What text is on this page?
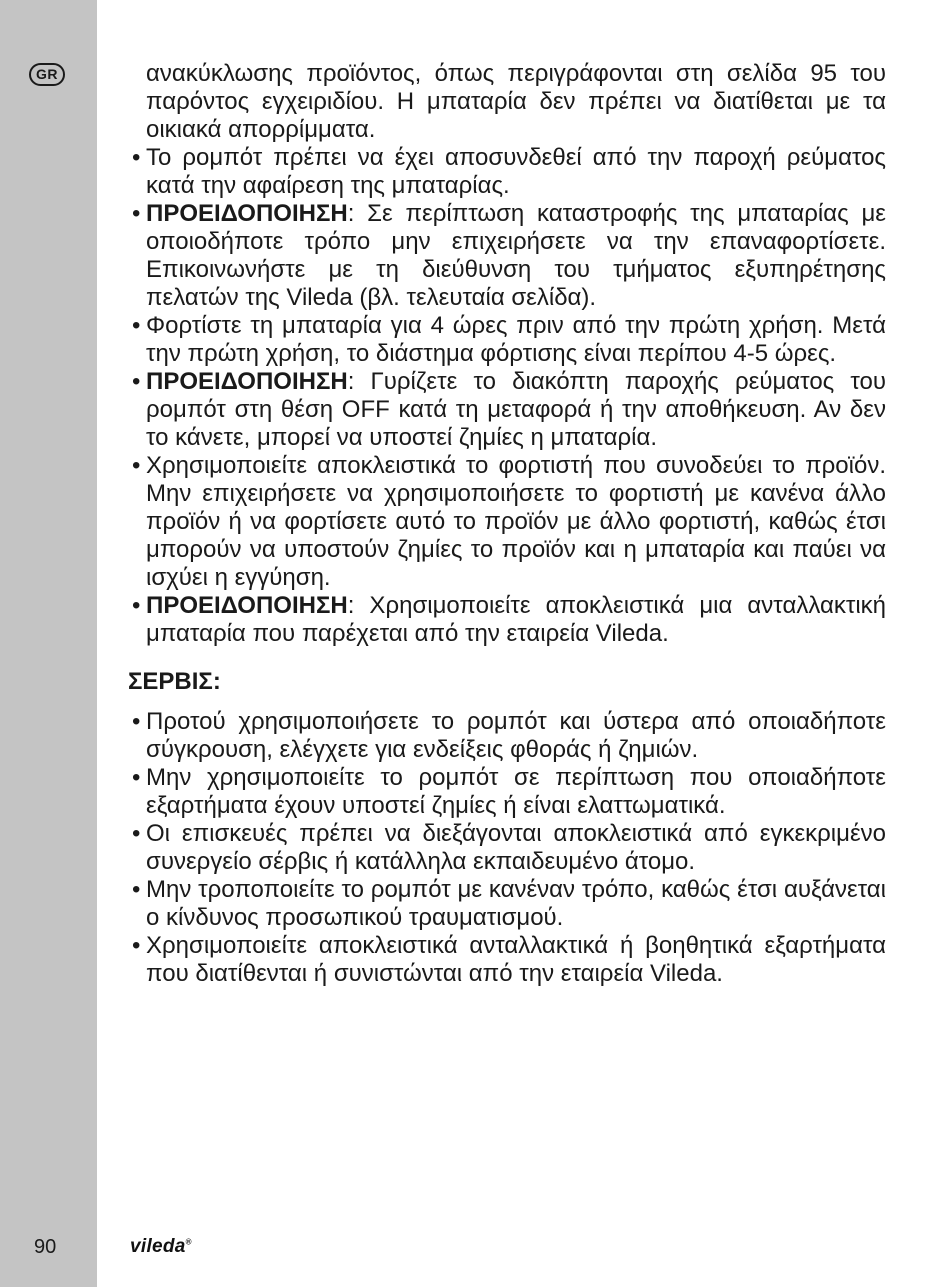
GR	ανακύκλωσης προϊόντος, όπως περιγράφονται στη σελίδα 95 του παρόντος εγχειριδίου. Η μπαταρία δεν πρέπει να διατίθεται με τα οικιακά απορρίμματα.

• Το ρομπότ πρέπει να έχει αποσυνδεθεί από την παροχή ρεύματος κατά την αφαίρεση της μπαταρίας.
• ΠΡΟΕΙΔΟΠΟΙΗΣΗ: Σε περίπτωση καταστροφής της μπαταρίας με οποιοδήποτε τρόπο μην επιχειρήσετε να την επαναφορτίσετε. Επικοινωνήστε με τη διεύθυνση του τμήματος εξυπηρέτησης πελατών της Vileda (βλ. τελευταία σελίδα).
• Φορτίστε τη μπαταρία για 4 ώρες πριν από την πρώτη χρήση. Μετά την πρώτη χρήση, το διάστημα φόρτισης είναι περίπου 4-5 ώρες.
• ΠΡΟΕΙΔΟΠΟΙΗΣΗ: Γυρίζετε το διακόπτη παροχής ρεύματος του ρομπότ στη θέση OFF κατά τη μεταφορά ή την αποθήκευση. Αν δεν το κάνετε, μπορεί να υποστεί ζημίες η μπαταρία.
• Χρησιμοποιείτε αποκλειστικά το φορτιστή που συνοδεύει το προϊόν. Μην επιχειρήσετε να χρησιμοποιήσετε το φορτιστή με κανένα άλλο προϊόν ή να φορτίσετε αυτό το προϊόν με άλλο φορτιστή, καθώς έτσι μπορούν να υποστούν ζημίες το προϊόν και η μπαταρία και παύει να ισχύει η εγγύηση.
• ΠΡΟΕΙΔΟΠΟΙΗΣΗ: Χρησιμοποιείτε αποκλειστικά μια ανταλλακτική μπαταρία που παρέχεται από την εταιρεία Vileda.
ΣΕΡΒΙΣ:
• Προτού χρησιμοποιήσετε το ρομπότ και ύστερα από οποιαδήποτε σύγκρουση, ελέγχετε για ενδείξεις φθοράς ή ζημιών.
• Μην χρησιμοποιείτε το ρομπότ σε περίπτωση που οποιαδήποτε εξαρτήματα έχουν υποστεί ζημίες ή είναι ελαττωματικά.
• Οι επισκευές πρέπει να διεξάγονται αποκλειστικά από εγκεκριμένο συνεργείο σέρβις ή κατάλληλα εκπαιδευμένο άτομο.
• Μην τροποποιείτε το ρομπότ με κανέναν τρόπο, καθώς έτσι αυξάνεται ο κίνδυνος προσωπικού τραυματισμού.
• Χρησιμοποιείτε αποκλειστικά ανταλλακτικά ή βοηθητικά εξαρτήματα που διατίθενται ή συνιστώνται από την εταιρεία Vileda.
90	vileda®
